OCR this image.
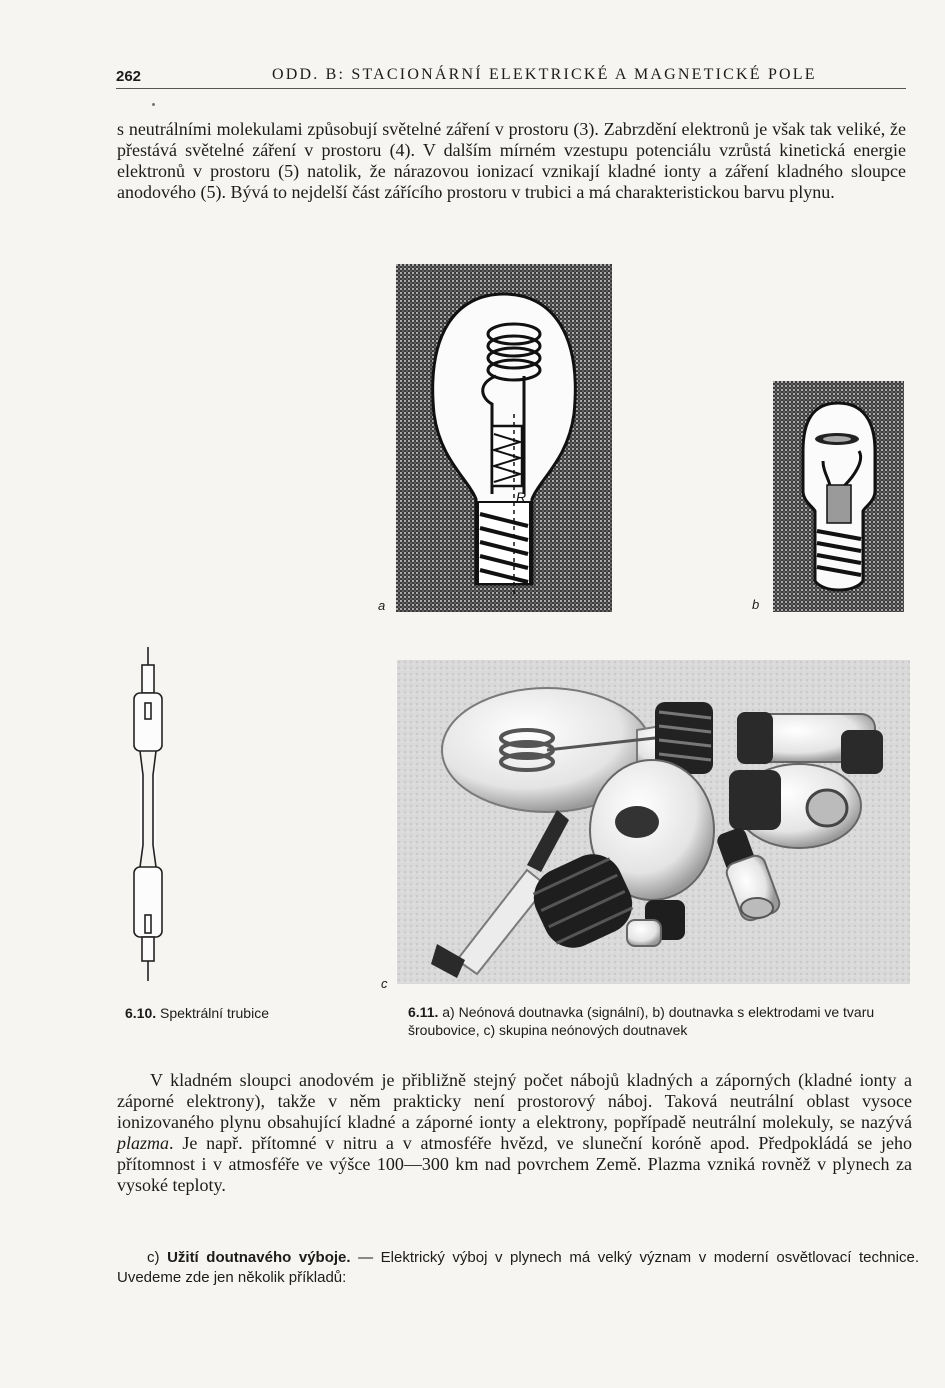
262	ODD. B: STACIONÁRNÍ ELEKTRICKÉ A MAGNETICKÉ POLE

s neutrálními molekulami způsobují světelné záření v prostoru (3). Zabrzdění elektronů je však tak veliké, že přestává světelné záření v prostoru (4). V dalším mírném vzestupu potenciálu vzrůstá kinetická energie elektronů v prostoru (5) natolik, že nárazovou ionizací vznikají kladné ionty a záření kladného sloupce anodového (5). Bývá to nejdelší část zářícího prostoru v trubici a má charakteristickou barvu plynu.

R
a	b
c
6.10. Spektrální trubice	6.11. a) Neónová doutnavka (signální), b) doutnavka s elektrodami ve tvaru šroubovice, c) skupina neónových doutnavek

V kladném sloupci anodovém je přibližně stejný počet nábojů kladných a záporných (kladné ionty a záporné elektrony), takže v něm prakticky není prostorový náboj. Taková neutrální oblast vysoce ionizovaného plynu obsahující kladné a záporné ionty a elektrony, popřípadě neutrální molekuly, se nazývá plazma. Je např. přítomné v nitru a v atmosféře hvězd, ve sluneční koróně apod. Předpokládá se jeho přítomnost i v atmosféře ve výšce 100—300 km nad povrchem Země. Plazma vzniká rovněž v plynech za vysoké teploty.

c) Užití doutnavého výboje. — Elektrický výboj v plynech má velký význam v moderní osvětlovací technice. Uvedeme zde jen několik příkladů:
